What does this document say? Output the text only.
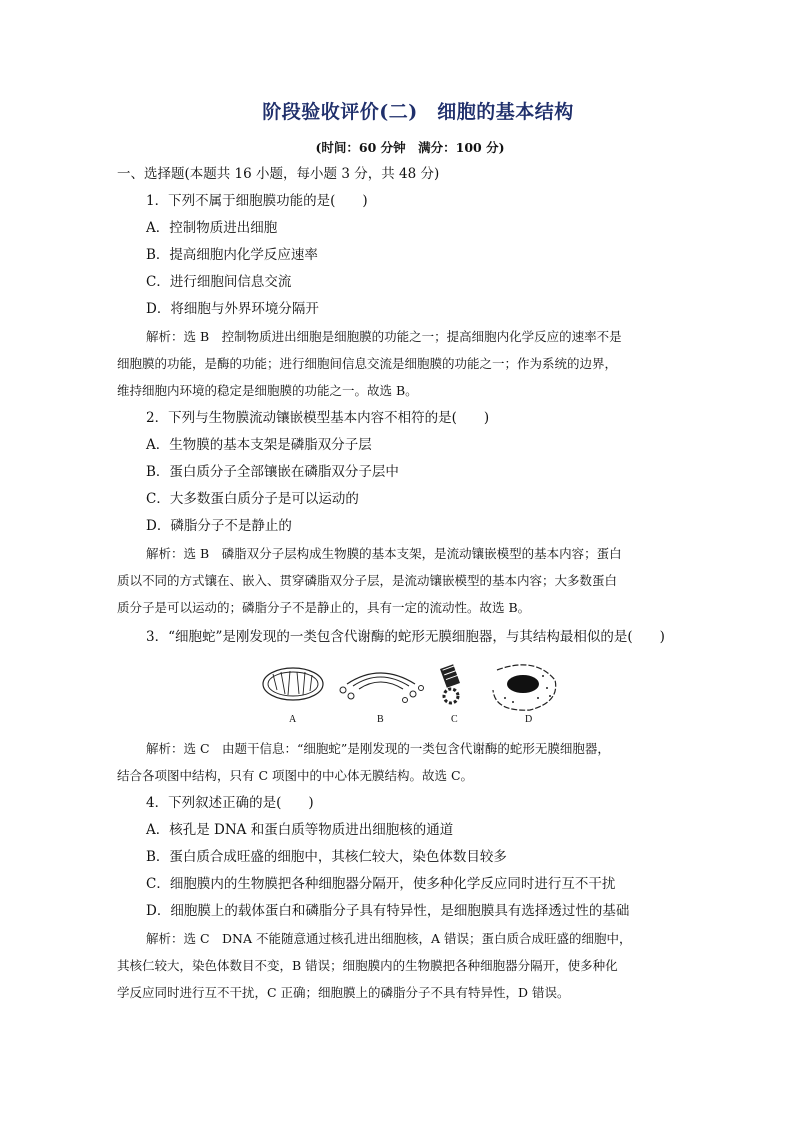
阶段验收评价(二)　细胞的基本结构
(时间：60 分钟　满分：100 分)
一、选择题(本题共 16 小题，每小题 3 分，共 48 分)
1．下列不属于细胞膜功能的是(　　)
A．控制物质进出细胞
B．提高细胞内化学反应速率
C．进行细胞间信息交流
D．将细胞与外界环境分隔开
解析：选 B　控制物质进出细胞是细胞膜的功能之一；提高细胞内化学反应的速率不是
细胞膜的功能，是酶的功能；进行细胞间信息交流是细胞膜的功能之一；作为系统的边界，
维持细胞内环境的稳定是细胞膜的功能之一。故选 B。
2．下列与生物膜流动镶嵌模型基本内容不相符的是(　　)
A．生物膜的基本支架是磷脂双分子层
B．蛋白质分子全部镶嵌在磷脂双分子层中
C．大多数蛋白质分子是可以运动的
D．磷脂分子不是静止的
解析：选 B　磷脂双分子层构成生物膜的基本支架，是流动镶嵌模型的基本内容；蛋白
质以不同的方式镶在、嵌入、贯穿磷脂双分子层，是流动镶嵌模型的基本内容；大多数蛋白
质分子是可以运动的；磷脂分子不是静止的，具有一定的流动性。故选 B。
3．“细胞蛇”是刚发现的一类包含代谢酶的蛇形无膜细胞器，与其结构最相似的是(　　)
A	B	C	D
解析：选 C　由题干信息：“细胞蛇”是刚发现的一类包含代谢酶的蛇形无膜细胞器，
结合各项图中结构，只有 C 项图中的中心体无膜结构。故选 C。
4．下列叙述正确的是(　　)
A．核孔是 DNA 和蛋白质等物质进出细胞核的通道
B．蛋白质合成旺盛的细胞中，其核仁较大，染色体数目较多
C．细胞膜内的生物膜把各种细胞器分隔开，使多种化学反应同时进行互不干扰
D．细胞膜上的载体蛋白和磷脂分子具有特异性，是细胞膜具有选择透过性的基础
解析：选 C　DNA 不能随意通过核孔进出细胞核，A 错误；蛋白质合成旺盛的细胞中，
其核仁较大，染色体数目不变，B 错误；细胞膜内的生物膜把各种细胞器分隔开，使多种化
学反应同时进行互不干扰，C 正确；细胞膜上的磷脂分子不具有特异性，D 错误。
